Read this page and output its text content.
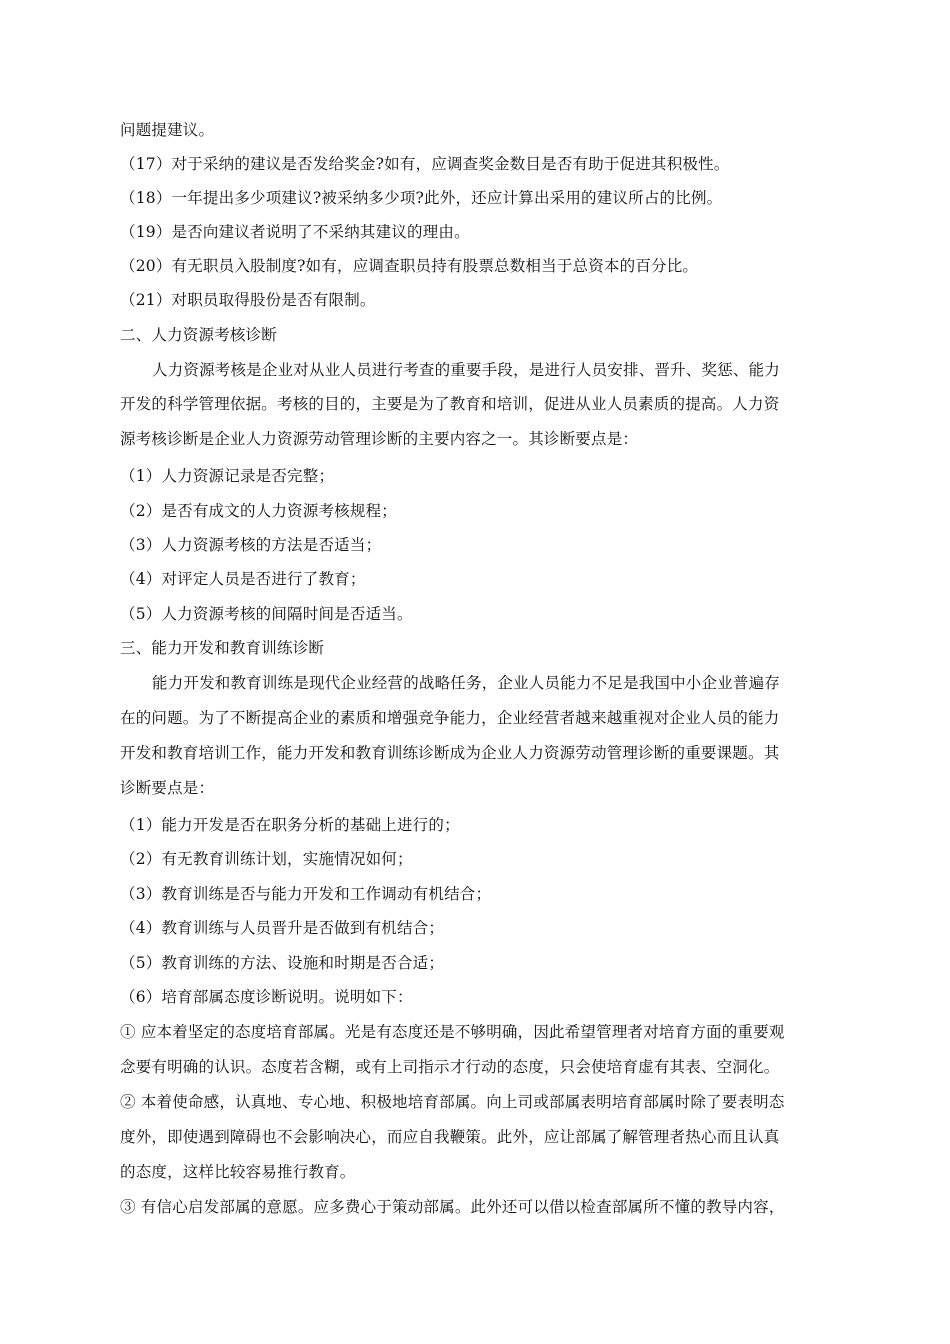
问题提建议。
（17）对于采纳的建议是否发给奖金?如有，应调查奖金数目是否有助于促进其积极性。
（18）一年提出多少项建议?被采纳多少项?此外，还应计算出采用的建议所占的比例。
（19）是否向建议者说明了不采纳其建议的理由。
（20）有无职员入股制度?如有，应调查职员持有股票总数相当于总资本的百分比。
（21）对职员取得股份是否有限制。
二、人力资源考核诊断
人力资源考核是企业对从业人员进行考查的重要手段，是进行人员安排、晋升、奖惩、能力
开发的科学管理依据。考核的目的，主要是为了教育和培训，促进从业人员素质的提高。人力资
源考核诊断是企业人力资源劳动管理诊断的主要内容之一。其诊断要点是：
（1）人力资源记录是否完整；
（2）是否有成文的人力资源考核规程；
（3）人力资源考核的方法是否适当；
（4）对评定人员是否进行了教育；
（5）人力资源考核的间隔时间是否适当。
三、能力开发和教育训练诊断
能力开发和教育训练是现代企业经营的战略任务，企业人员能力不足是我国中小企业普遍存
在的问题。为了不断提高企业的素质和增强竞争能力，企业经营者越来越重视对企业人员的能力
开发和教育培训工作，能力开发和教育训练诊断成为企业人力资源劳动管理诊断的重要课题。其
诊断要点是：
（1）能力开发是否在职务分析的基础上进行的；
（2）有无教育训练计划，实施情况如何；
（3）教育训练是否与能力开发和工作调动有机结合；
（4）教育训练与人员晋升是否做到有机结合；
（5）教育训练的方法、设施和时期是否合适；
（6）培育部属态度诊断说明。说明如下：
① 应本着坚定的态度培育部属。光是有态度还是不够明确，因此希望管理者对培育方面的重要观
念要有明确的认识。态度若含糊，或有上司指示才行动的态度，只会使培育虚有其表、空洞化。
② 本着使命感，认真地、专心地、积极地培育部属。向上司或部属表明培育部属时除了要表明态
度外，即使遇到障碍也不会影响决心，而应自我鞭策。此外，应让部属了解管理者热心而且认真
的态度，这样比较容易推行教育。
③ 有信心启发部属的意愿。应多费心于策动部属。此外还可以借以检查部属所不懂的教导内容，
